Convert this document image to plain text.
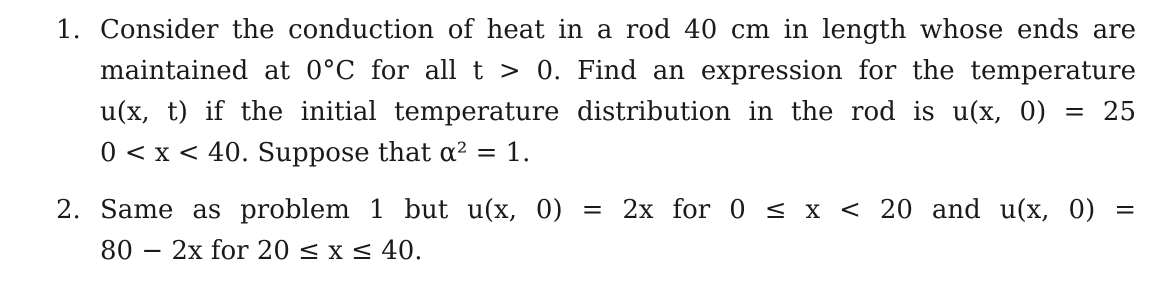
1. Consider the conduction of heat in a rod 40 cm in length whose ends are
maintained at 0°C for all t > 0. Find an expression for the temperature
u(x, t) if the initial temperature distribution in the rod is u(x, 0) = 25
0 < x < 40. Suppose that α² = 1.
2. Same as problem 1 but u(x, 0) = 2x for 0 ≤ x < 20 and u(x, 0) =
80 − 2x for 20 ≤ x ≤ 40.
